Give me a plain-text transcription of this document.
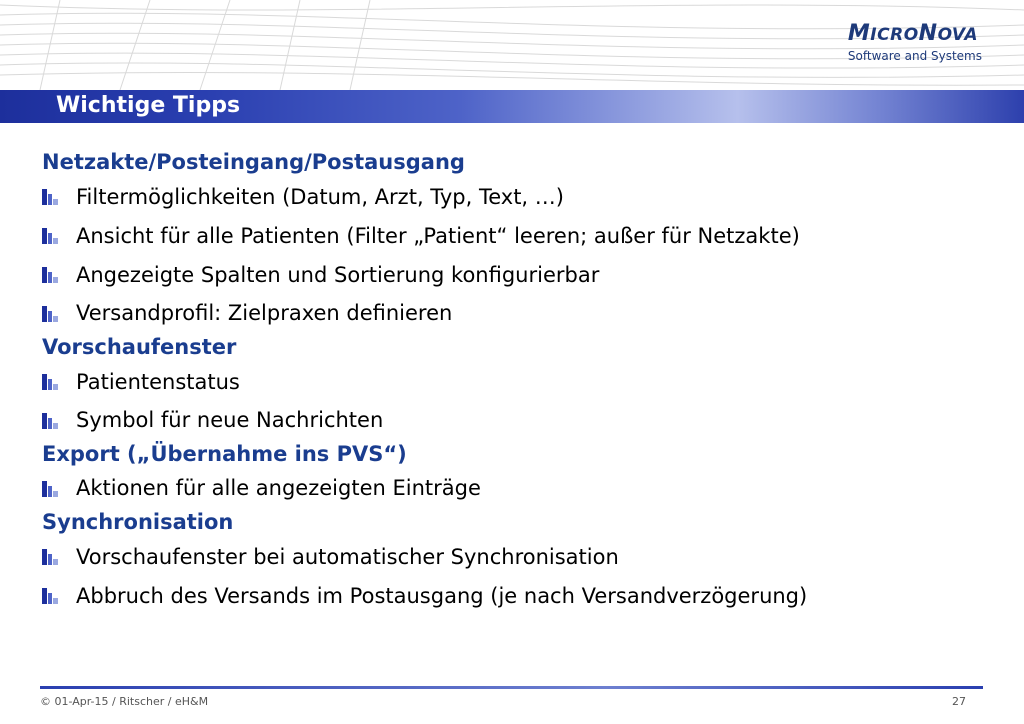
MICRONOVA
Software and Systems
Wichtige Tipps
Netzakte/Posteingang/Postausgang
Filtermöglichkeiten (Datum, Arzt, Typ, Text, …)
Ansicht für alle Patienten (Filter „Patient“ leeren; außer für Netzakte)
Angezeigte Spalten und Sortierung konfigurierbar
Versandprofil: Zielpraxen definieren
Vorschaufenster
Patientenstatus
Symbol für neue Nachrichten
Export („Übernahme ins PVS“)
Aktionen für alle angezeigten Einträge
Synchronisation
Vorschaufenster bei automatischer Synchronisation
Abbruch des Versands im Postausgang (je nach Versandverzögerung)
© 01-Apr-15 / Ritscher / eH&M	27
